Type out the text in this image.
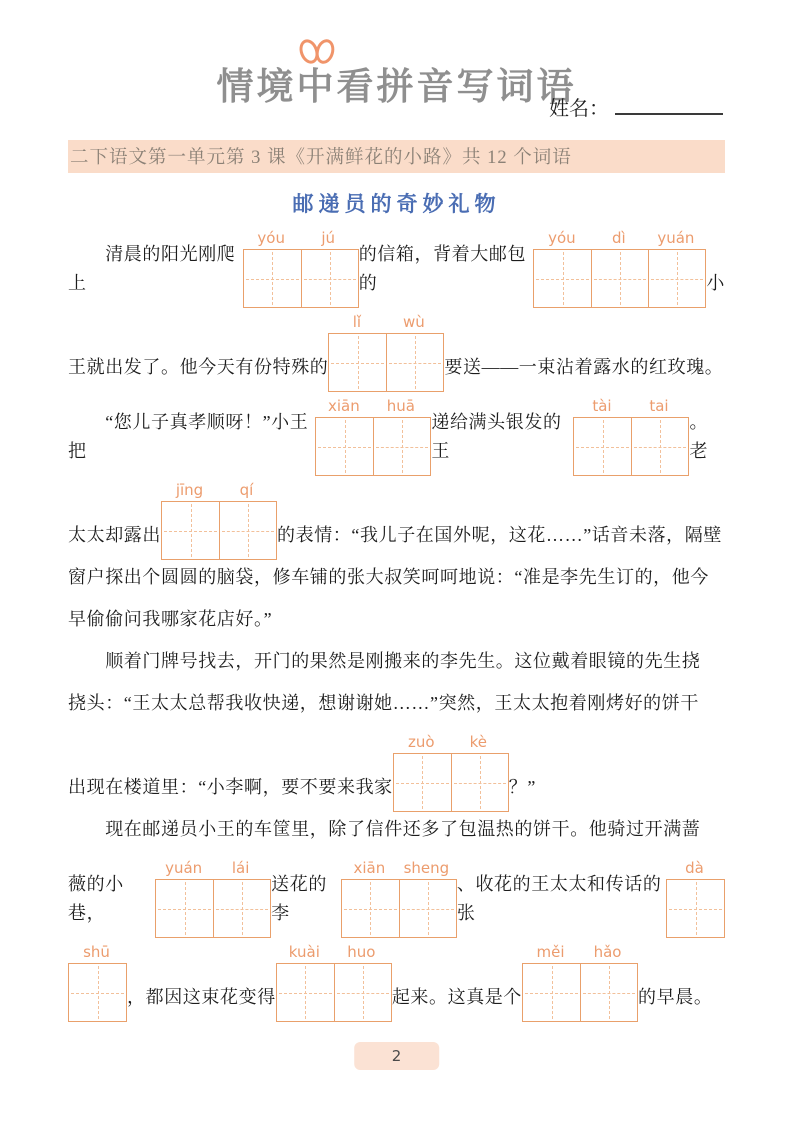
情境中看拼音写词语
姓名：
二下语文第一单元第 3 课《开满鲜花的小路》共 12 个词语
邮递员的奇妙礼物
　　清晨的阳光刚爬上
yóu	jú
的信箱，背着大邮包的
yóu	dì	yuán
小
王就出发了。他今天有份特殊的
lǐ	wù
要送——一束沾着露水的红玫瑰。
　　“您儿子真孝顺呀！”小王把
xiān	huā
递给满头银发的王
tài	tai
。老
太太却露出
jīng	qí
的表情：“我儿子在国外呢，这花……”话音未落，隔壁
窗户探出个圆圆的脑袋，修车铺的张大叔笑呵呵地说：“准是李先生订的，他今
早偷偷问我哪家花店好。”
　　顺着门牌号找去，开门的果然是刚搬来的李先生。这位戴着眼镜的先生挠
挠头：“王太太总帮我收快递，想谢谢她……”突然，王太太抱着刚烤好的饼干
出现在楼道里：“小李啊，要不要来我家
zuò	kè
？”
　　现在邮递员小王的车筐里，除了信件还多了包温热的饼干。他骑过开满蔷
薇的小巷，
yuán	lái
送花的李
xiān	sheng
、收花的王太太和传话的张
dà
shū
，都因这束花变得
kuài	huo
起来。这真是个
měi	hǎo
的早晨。
2
